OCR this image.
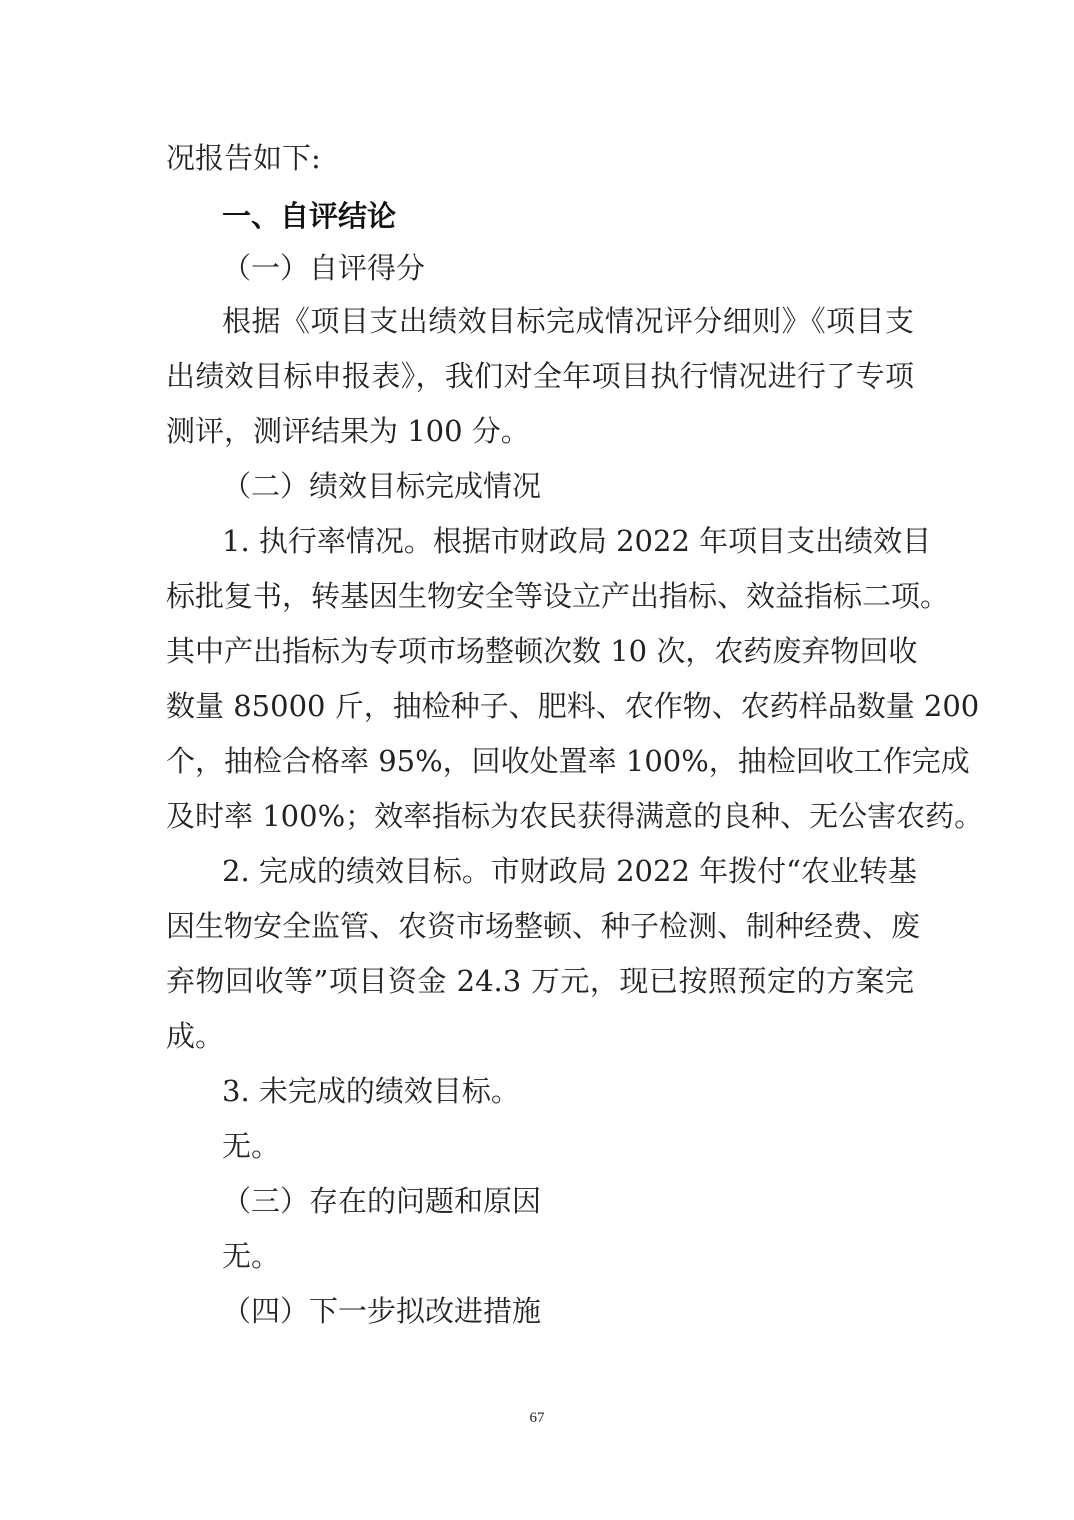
况报告如下:

一、自评结论

（一）自评得分

根据《项目支出绩效目标完成情况评分细则》《项目支

出绩效目标申报表》，我们对全年项目执行情况进行了专项

测评，测评结果为 100 分。

（二）绩效目标完成情况

1. 执行率情况。根据市财政局 2022 年项目支出绩效目

标批复书，转基因生物安全等设立产出指标、效益指标二项。

其中产出指标为专项市场整顿次数 10 次，农药废弃物回收

数量 85000 斤，抽检种子、肥料、农作物、农药样品数量 200

个，抽检合格率 95%，回收处置率 100%，抽检回收工作完成

及时率 100%；效率指标为农民获得满意的良种、无公害农药。

2. 完成的绩效目标。市财政局 2022 年拨付“农业转基

因生物安全监管、农资市场整顿、种子检测、制种经费、废

弃物回收等”项目资金 24.3 万元，现已按照预定的方案完

成。

3. 未完成的绩效目标。

无。

（三）存在的问题和原因

无。

（四）下一步拟改进措施

67
